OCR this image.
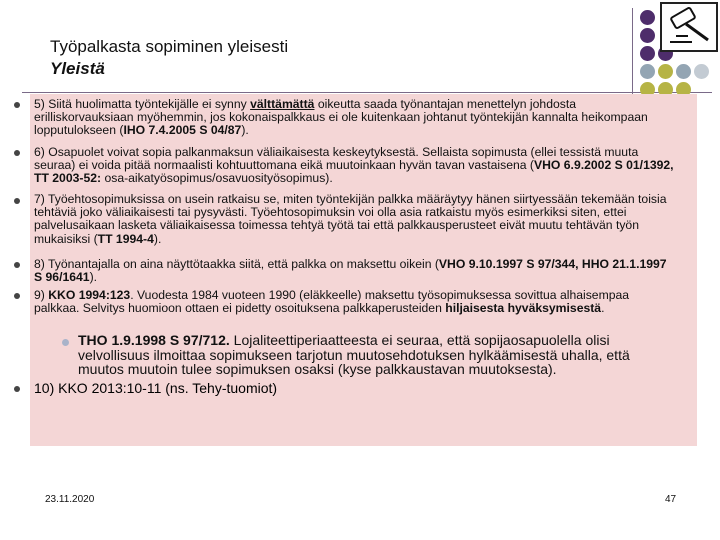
Työpalkasta sopiminen yleisesti
Yleistä
5) Siitä huolimatta työntekijälle ei synny välttämättä oikeutta saada työnantajan menettelyn johdosta erilliskorvauksiaan myöhemmin, jos kokonaispalkkaus ei ole kuitenkaan johtanut työntekijän kannalta heikompaan lopputulokseen (IHO 7.4.2005 S 04/87).
6) Osapuolet voivat sopia palkanmaksun väliaikaisesta keskeytyksestä. Sellaista sopimusta (ellei tessistä muuta seuraa) ei voida pitää normaalisti kohtuuttomana eikä muutoinkaan hyvän tavan vastaisena (VHO 6.9.2002 S 01/1392, TT 2003-52: osa-aikatyösopimus/osavuosityösopimus).
7) Työehtosopimuksissa on usein ratkaisu se, miten työntekijän palkka määräytyy hänen siirtyessään tekemään toisia tehtäviä joko väliaikaisesti tai pysyvästi. Työehtosopimuksin voi olla asia ratkaistu myös esimerkiksi siten, ettei palvelusaikaan lasketa väliaikaisessa toimessa tehtyä työtä tai että palkkausperusteet eivät muutu tehtävän työn mukaisiksi (TT 1994-4).
8) Työnantajalla on aina näyttötaakka siitä, että palkka on maksettu oikein (VHO 9.10.1997 S 97/344, HHO 21.1.1997 S 96/1641).
9) KKO 1994:123. Vuodesta 1984 vuoteen 1990 (eläkkeelle) maksettu työsopimuksessa sovittua alhaisempaa palkkaa. Selvitys huomioon ottaen ei pidetty osoituksena palkkaperusteiden hiljaisesta hyväksymisestä.
THO 1.9.1998 S 97/712. Lojaliteettiperiaatteesta ei seuraa, että sopijaosapuolella olisi velvollisuus ilmoittaa sopimukseen tarjotun muutosehdotuksen hylkäämisestä uhalla, että muutos muutoin tulee sopimuksen osaksi (kyse palkkaustavan muutoksesta).
10) KKO 2013:10-11 (ns. Tehy-tuomiot)
23.11.2020	47
